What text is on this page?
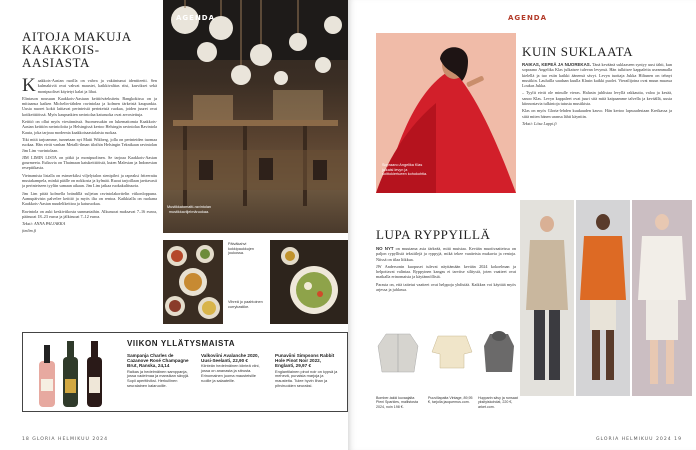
AITOJA MAKUJA KAAKKOIS-AASIASTA

Kaakkois-Aasian ruoilla on vahva ja vakiintunut identiteetti. Sen kulmakiviä ovat vahvat maustet, kaikkivaltias riisi, kasvikset sekä monipuoliset käytetyt kalat ja lihat.

Elintason nousuun Kaakkois-Aasiaan keittiöväeksitetu Bangkokissa on ja mittaansa kaiken Michelin-tähden ravintolaa ja kolmen tärkeistä kaupunkia. Uusia nuoret kokit laittavat perinteisiä perinteisiä ruokaa, joiden juuret ovat kotikeittiöissä. Myös kaupunkien ravintolaa katuruoka ovat arvostettuja.

Keittiö on ollut myös viestinnässä. Suomessakin on lukemattomia Kaakkois-Aasian keittiön ravintoloita ja Helsingissä kertoo Helsingin ravintolaa Ravintola Kauta, joka tarjoaa modernia kaakkoisaasialaista ruokaa.

Tiki mitä tarjoamme, tunnetaan nyt Matti Wikberg, jolla on perinteiden tuomaa ruokaa. Hän eivät vanhan Metalli-ilman tiloihin Helsingin Teknikaan ravintolan Jim Lim -ravintolaan.

JIM LIMIN LISTA on pitkä ja monipuolinen. Se tarjoaa Kaakkois-Aasian gourmeeta. Esikuvia on Thaimaan katukeittiöistä, kuten Malesian ja Indonesian reseptiikasta.

Vietnamista listalla on esimerkiksi viljelytalon sienipihvi ja rapeaksi friteerattu mustakampela, minkä päälle on nokkosta ja kylmää. Ruoat tarjoillaan jaettavasti ja perinteiseen tyyliin samaan aikaan. Jim Lim jatkaa ruokakulttuuria.

Jim Lim pitää kolmella brändillä suljetun ravintolakorttelin viikonloppuna. Aamupäivisin palvelee keittiö ja myös ilta on rentoa. Kaikkialla on ruokana Kaakkois-Aasian nuudelikeittoa ja katuruokaa.

Ravintola on auki keskiviikosta sunnuntaihin. Alkuruoat maksavat 7–16 euroa, pääruoat 18–23 euroa ja jälkiruoat 7–12 euroa.

Teksti: ANNA PALJAKKA
jimlim.fi
AGENDA
Mustikkatomatti-ravintolan mustikkaviljelmäruokaa.
Päiväkahvi kokkipaukkujen joukossa.
Vihreä jo paahtoinen currykastike.
VIIKON YLLÄTYSMAISTA
Sampanja Charles de Cazanove Rosé Champagne Brut, Ranska, 24,14
Raikas ja hedelmäinen samppanja, jossa vadelmaa ja mansikan sävyjä. Sopii aperitiiviksi. Herkullinen seuralainen kalaruoille.
Valkoviini Avalanche 2020, Uusi-Seelanti, 22,90 €
Kiinteän hedelmäinen kiinteä viini, jossa on ananasta ja sitrusta. Erinomainen juoma mausteisille ruoille ja salaateille.
Punaviini Simpsons Rabbit Hole Pinot Noir 2022, Englanti, 29,97 €
Englantilainen pinot noir on kypsä ja mehevä, punaisia marjoja ja mausteita. Tulee hyvin lihan ja pihviruokien seuraksi.
18 GLORIA HELMIKUU 2024
AGENDA
Sopraano Angelika Klas julkaisi levyn ja soittokiertueen kohokohtia.
KUIN SUKLAATA

RAIKAS, KEPEÄ JA NUOREKAS. Tänä keväänä suklaaseen syntyy uusi tähti, kun sopraano Angelika Klas julkaisee tulevan levynsä. Hän tulkitsee kappaleita useammalla kielellä ja tuo esiin kaikki äänensä sävyt. Levyn tuottaja Jukka Hiltunen on tehnyt musiikin. Lauluilla saadaan kuulla Klasin kaikki puolet. Vierailijoina ovat muun muassa Loukas Jukka.

– Tyylit eivät ole minulle vieras. Halusin juhlistaa levyllä rakkautta, valoa ja kesää, sanoo Klas. Levyn kappaleet ovat juuri sitä mitä kaipaamme talvella ja keväällä, uusia kiinnostavia tulkintoja tutusta musiikista.

Klas on myös Gloria-lehden kuukauden kasvo. Hän kertoo lapsuudestaan Kreikassa ja siitä miten hänen uransa lähti käyntiin.

Teksti: Liisa Lappi.fi
LUPA RYPPYILLÄ

NO NYT on muutama asia tärkeää, mitä muistaa. Kevään muotivaatteissa on paljon rypyllisiä tekstiilejä ja ryppyjä, mikä tekee vaatteista mukavia ja rentoja. Niissä on tilaa liikkua.

JW Andersonin kuopuset tulevat näyttämään kevään 2024 kokoelman ja helpottavat valintaa. Ryppyinen kangas ei tarvitse silitystä, joten vaatteet ovat matkalla erinomaisia ja käytännöllisiä.

Parasta on, että taitetut vaatteet ovat helppoja yhdistää. Kaikkea voi käyttää myös arjessa ja juhlassa.

Bomber-takki kuvaajalta Pieni Sparkles, mallistosta 2024, noin 198 €.
Puuvillapaita Vintage, 89,95 €, tarjolla jacquemus.com.
Hupparin sävy ja runsaat yksityiskohdat, 220 €, arket.com.
GLORIA HELMIKUU 2024 19
